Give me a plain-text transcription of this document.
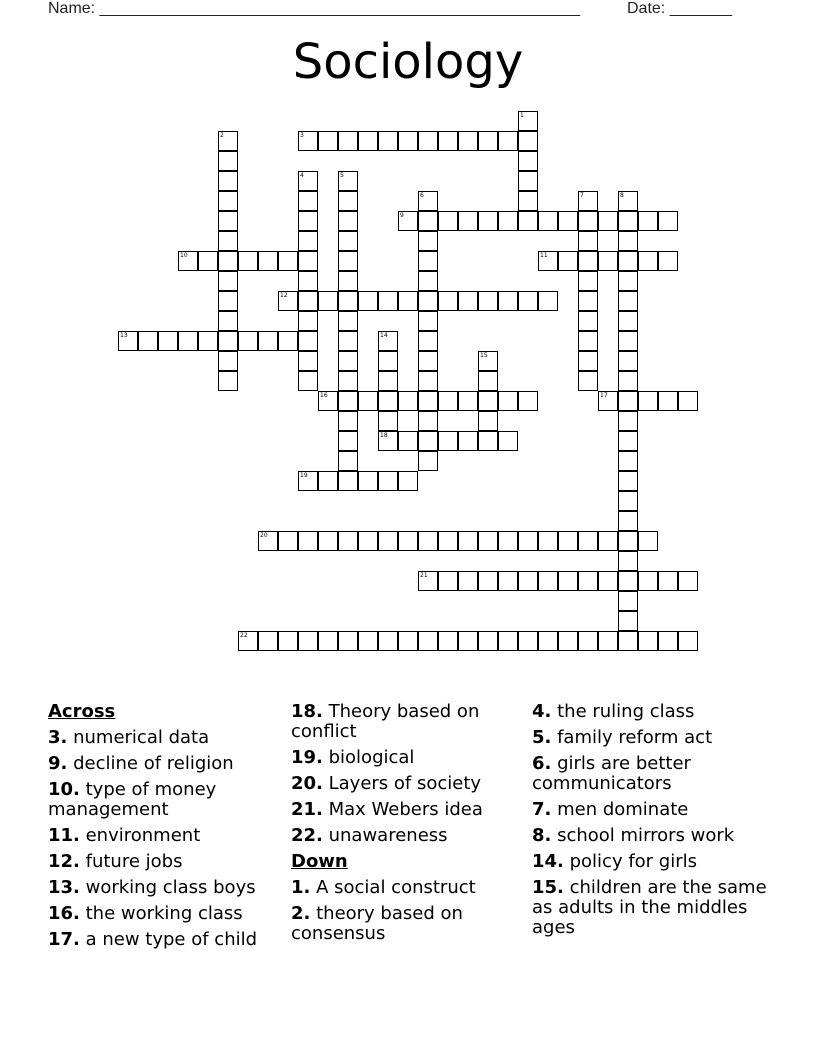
Name: ______________________________________________________	Date: _______
Sociology
1
2	3
4	5
6	7	8
9
10	11
12
13	14
18
15
16	17
19
20
21
22
Across
3. numerical data
9. decline of religion
10. type of money management
11. environment
12. future jobs
13. working class boys
16. the working class
17. a new type of child
18. Theory based on conflict
19. biological
20. Layers of society
21. Max Webers idea
22. unawareness
Down
1. A social construct
2. theory based on consensus
4. the ruling class
5. family reform act
6. girls are better communicators
7. men dominate
8. school mirrors work
14. policy for girls
15. children are the same as adults in the middles ages
